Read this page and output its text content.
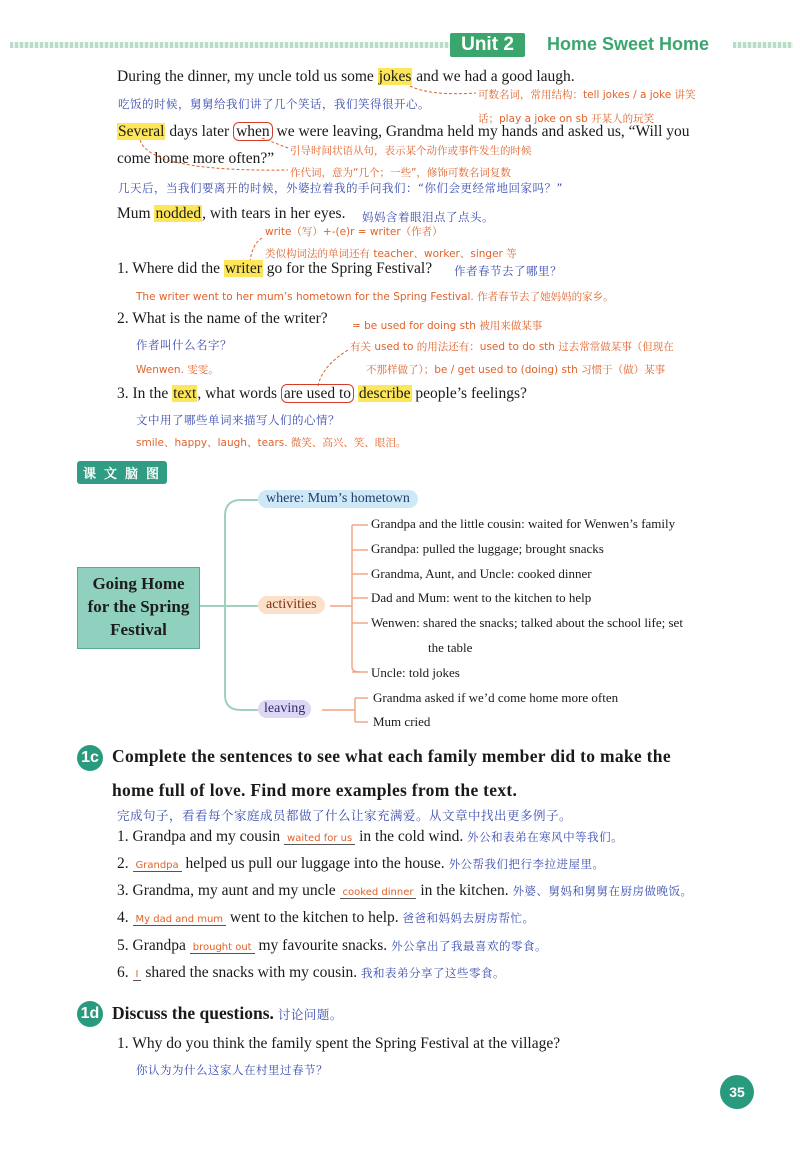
Unit 2	Home Sweet Home
During the dinner, my uncle told us some jokes and we had a good laugh.
可数名词，常用结构：tell jokes / a joke 讲笑
吃饭的时候，舅舅给我们讲了几个笑话，我们笑得很开心。
话；play a joke on sb 开某人的玩笑
Several days later when we were leaving, Grandma held my hands and asked us, “Will you
come home more often?” 引导时间状语从句，表示某个动作或事件发生的时候
作代词，意为“几个；一些”，修饰可数名词复数
几天后，当我们要离开的时候，外婆拉着我的手问我们：“你们会更经常地回家吗？”
Mum nodded, with tears in her eyes. 妈妈含着眼泪点了点头。
write（写）+-(e)r = writer（作者）
类似构词法的单词还有 teacher、worker、singer 等
1. Where did the writer go for the Spring Festival? 作者春节去了哪里？
The writer went to her mum’s hometown for the Spring Festival. 作者春节去了她妈妈的家乡。
2. What is the name of the writer? = be used for doing sth 被用来做某事
作者叫什么名字？	有关 used to 的用法还有：used to do sth 过去常常做某事（但现在
Wenwen. 雯雯。	不那样做了）；be / get used to (doing) sth 习惯于（做）某事
3. In the text, what words are used to describe people’s feelings?
文中用了哪些单词来描写人们的心情？
smile、happy、laugh、tears. 微笑、高兴、笑、眼泪。
课文脑图
Going Home
for the Spring
Festival
where: Mum’s hometown
activities
leaving
Grandpa and the little cousin: waited for Wenwen’s family
Grandpa: pulled the luggage; brought snacks
Grandma, Aunt, and Uncle: cooked dinner
Dad and Mum: went to the kitchen to help
Wenwen: shared the snacks; talked about the school life; set
the table
Uncle: told jokes
Grandma asked if we’d come home more often
Mum cried
1c Complete the sentences to see what each family member did to make the
home full of love. Find more examples from the text.
完成句子，看看每个家庭成员都做了什么让家充满爱。从文章中找出更多例子。
1. Grandpa and my cousin waited for us in the cold wind. 外公和表弟在寒风中等我们。
2. Grandpa helped us pull our luggage into the house. 外公帮我们把行李拉进屋里。
3. Grandma, my aunt and my uncle cooked dinner in the kitchen. 外婆、舅妈和舅舅在厨房做晚饭。
4. My dad and mum went to the kitchen to help. 爸爸和妈妈去厨房帮忙。
5. Grandpa brought out my favourite snacks. 外公拿出了我最喜欢的零食。
6. I shared the snacks with my cousin. 我和表弟分享了这些零食。
1d Discuss the questions. 讨论问题。
1. Why do you think the family spent the Spring Festival at the village?
你认为为什么这家人在村里过春节？
35
